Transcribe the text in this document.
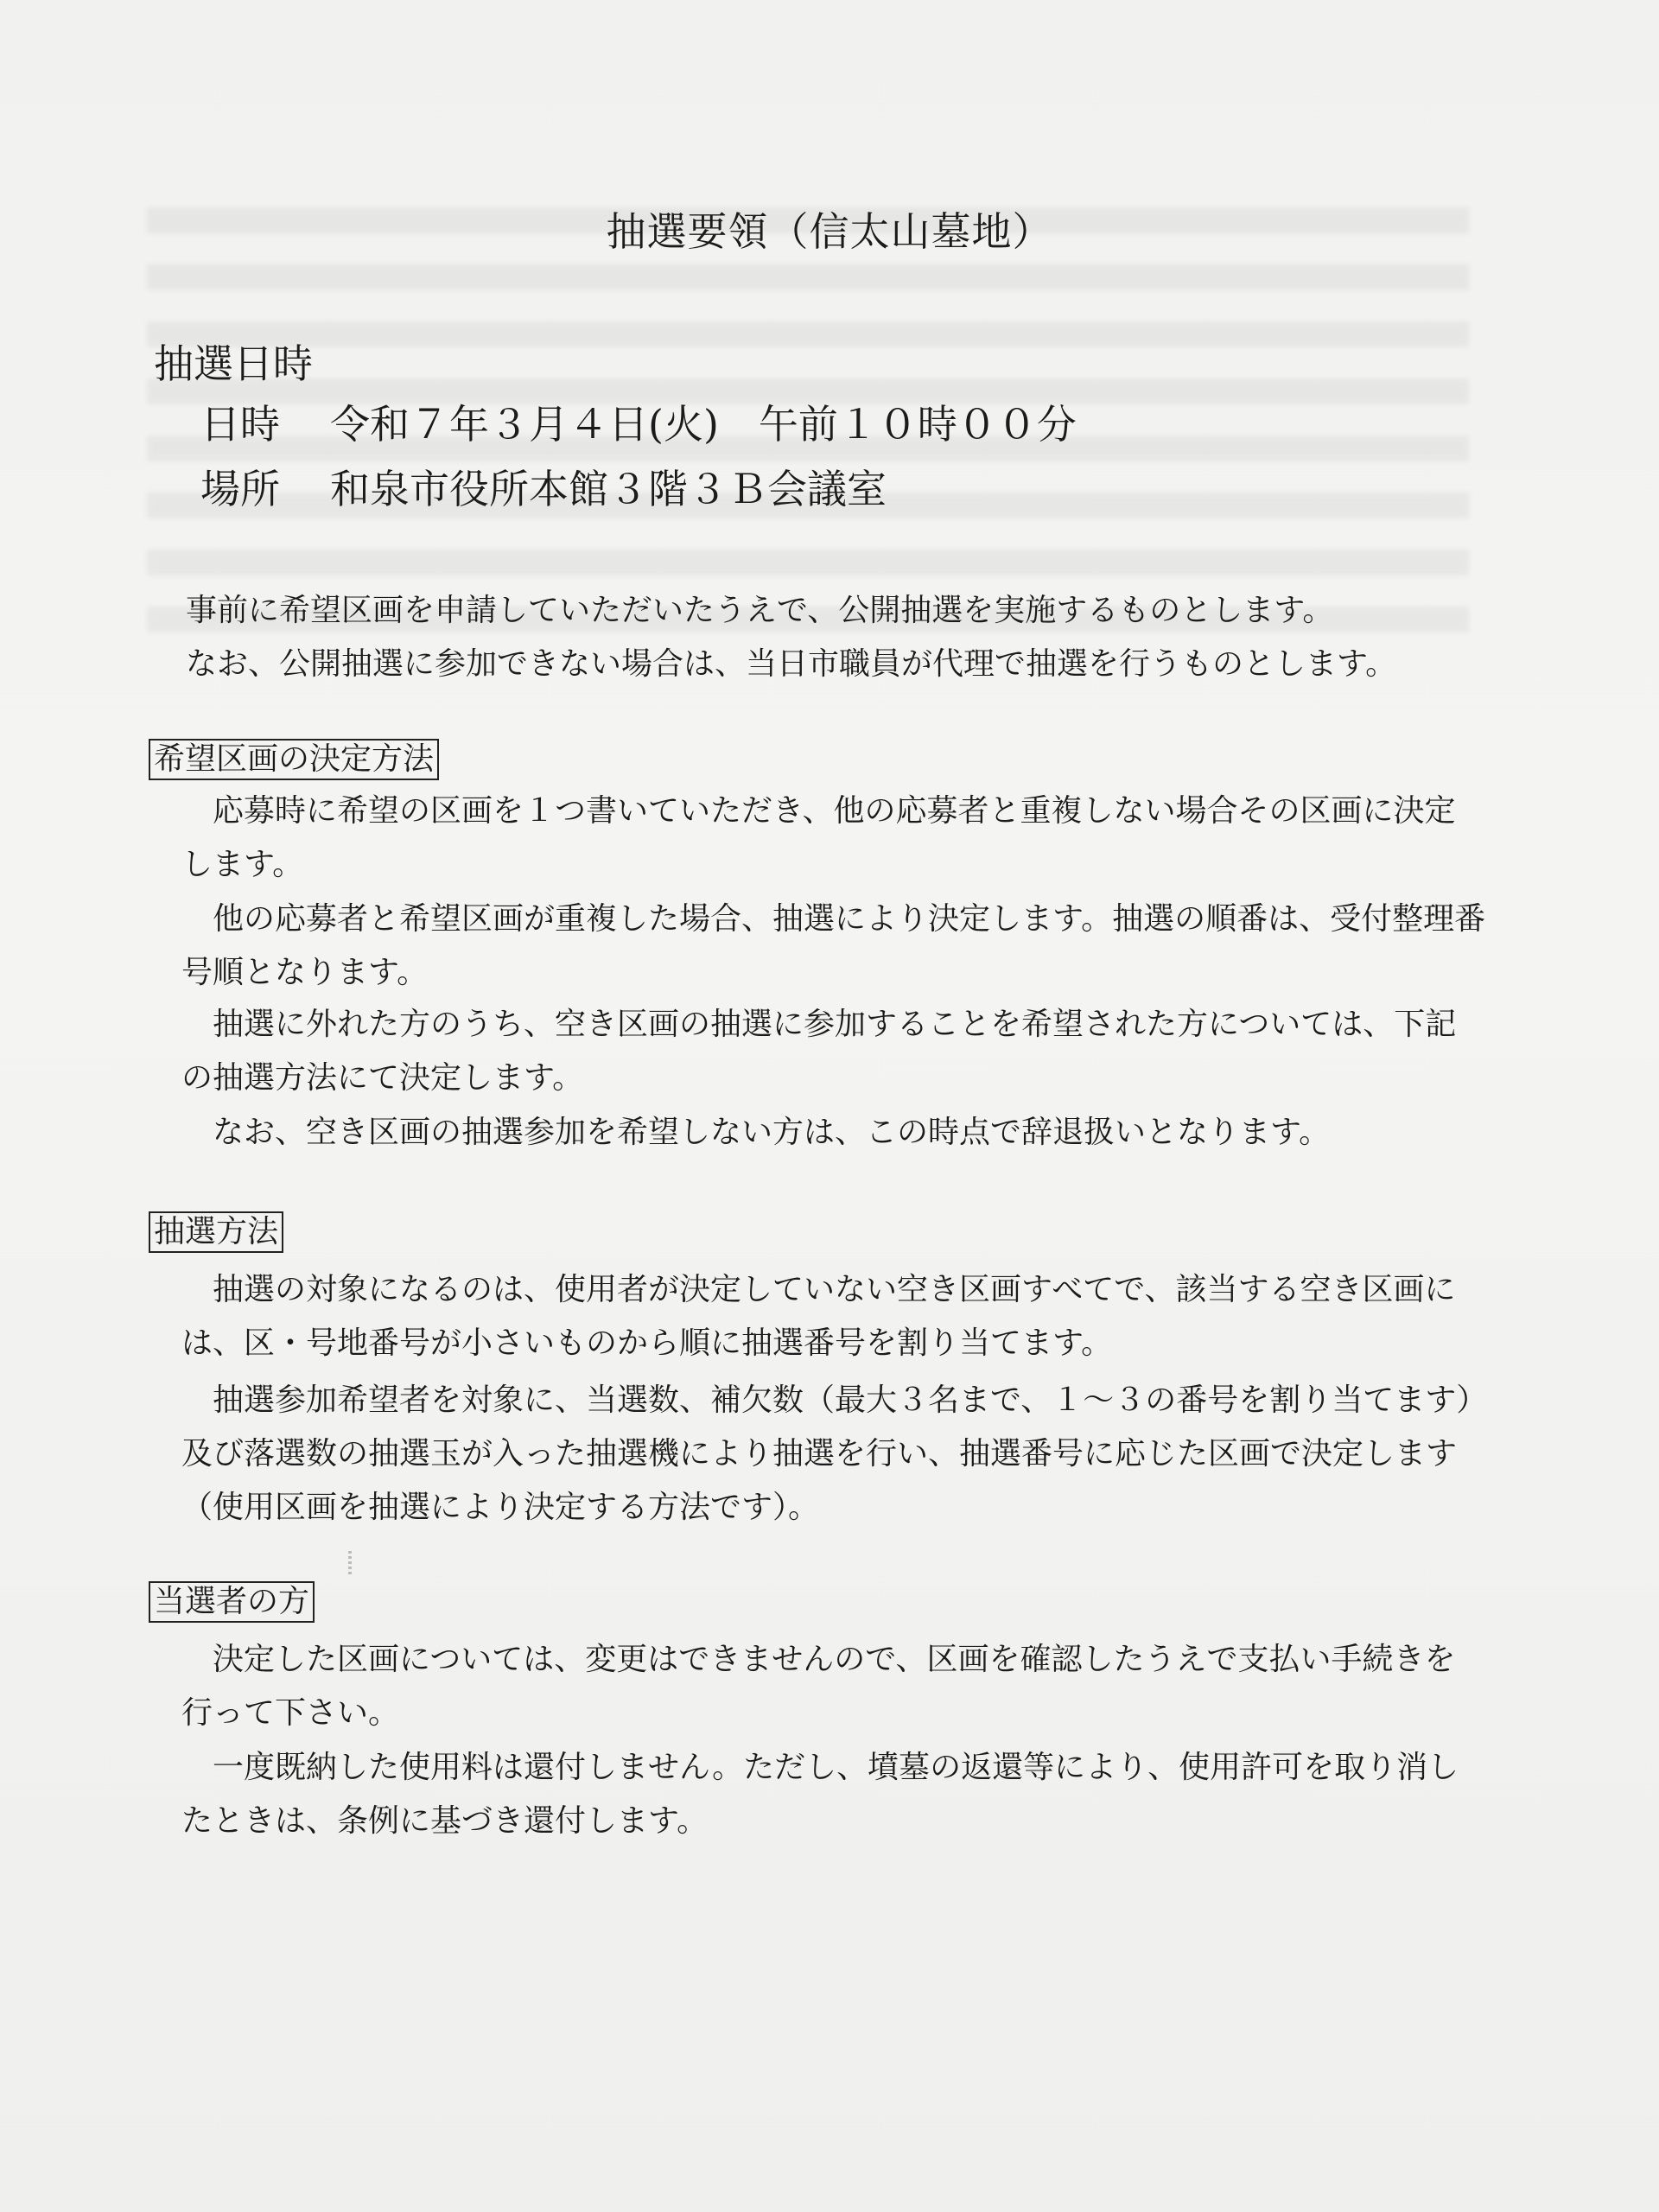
抽選要領（信太山墓地）
抽選日時
日時 令和７年３月４日(火)　午前１０時００分
場所 和泉市役所本館３階３Ｂ会議室
事前に希望区画を申請していただいたうえで、公開抽選を実施するものとします。
なお、公開抽選に参加できない場合は、当日市職員が代理で抽選を行うものとします。
希望区画の決定方法

応募時に希望の区画を１つ書いていただき、他の応募者と重複しない場合その区画に決定します。

他の応募者と希望区画が重複した場合、抽選により決定します。抽選の順番は、受付整理番号順となります。

抽選に外れた方のうち、空き区画の抽選に参加することを希望された方については、下記の抽選方法にて決定します。

なお、空き区画の抽選参加を希望しない方は、この時点で辞退扱いとなります。

抽選方法

抽選の対象になるのは、使用者が決定していない空き区画すべてで、該当する空き区画には、区・号地番号が小さいものから順に抽選番号を割り当てます。

抽選参加希望者を対象に、当選数、補欠数（最大３名まで、１～３の番号を割り当てます）及び落選数の抽選玉が入った抽選機により抽選を行い、抽選番号に応じた区画で決定します（使用区画を抽選により決定する方法です）。

当選者の方

決定した区画については、変更はできませんので、区画を確認したうえで支払い手続きを行って下さい。

一度既納した使用料は還付しません。ただし、墳墓の返還等により、使用許可を取り消したときは、条例に基づき還付します。
